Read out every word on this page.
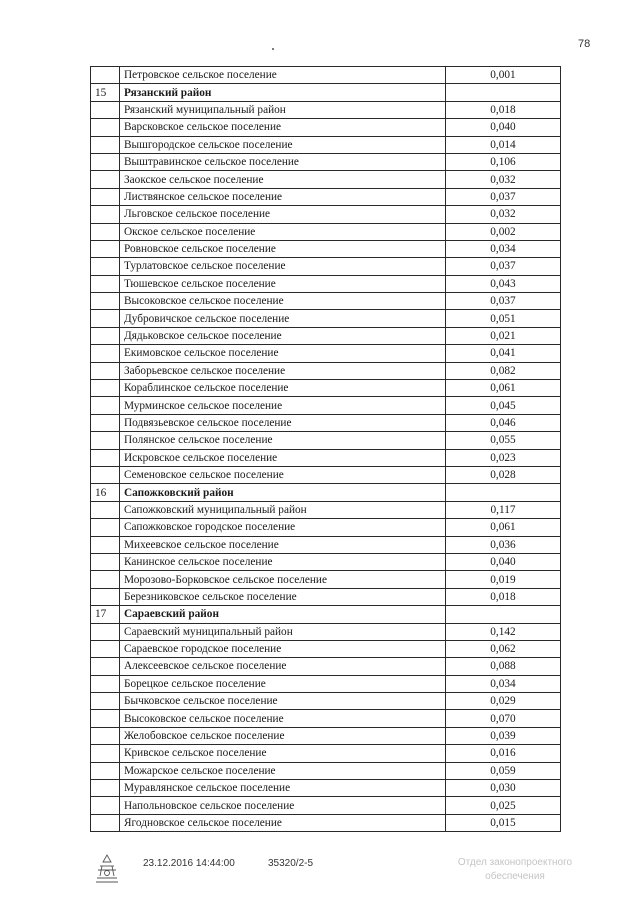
78
	Петровское сельское поселение	0,001
15	Рязанский район	
	Рязанский муниципальный район	0,018
	Варсковское сельское поселение	0,040
	Вышгородское сельское поселение	0,014
	Выштравинское сельское поселение	0,106
	Заокское сельское поселение	0,032
	Листвянское сельское поселение	0,037
	Льговское сельское поселение	0,032
	Окское сельское поселение	0,002
	Ровновское сельское поселение	0,034
	Турлатовское сельское поселение	0,037
	Тюшевское сельское поселение	0,043
	Высоковское сельское поселение	0,037
	Дубровичское сельское поселение	0,051
	Дядьковское сельское поселение	0,021
	Екимовское сельское поселение	0,041
	Заборьевское сельское поселение	0,082
	Кораблинское сельское поселение	0,061
	Мурминское сельское поселение	0,045
	Подвязьевское сельское поселение	0,046
	Полянское сельское поселение	0,055
	Искровское сельское поселение	0,023
	Семеновское сельское поселение	0,028
16	Сапожковский район	
	Сапожковский муниципальный район	0,117
	Сапожковское городское поселение	0,061
	Михеевское сельское поселение	0,036
	Канинское сельское поселение	0,040
	Морозово-Борковское сельское поселение	0,019
	Березниковское сельское поселение	0,018
17	Сараевский район	
	Сараевский муниципальный район	0,142
	Сараевское городское поселение	0,062
	Алексеевское сельское поселение	0,088
	Борецкое сельское поселение	0,034
	Бычковское сельское поселение	0,029
	Высоковское сельское поселение	0,070
	Желобовское сельское поселение	0,039
	Кривское сельское поселение	0,016
	Можарское сельское поселение	0,059
	Муравлянское сельское поселение	0,030
	Напольновское сельское поселение	0,025
	Ягодновское сельское поселение	0,015
23.12.2016 14:44:00	35320/2-5	Отдел законопроектного
обеспечения
